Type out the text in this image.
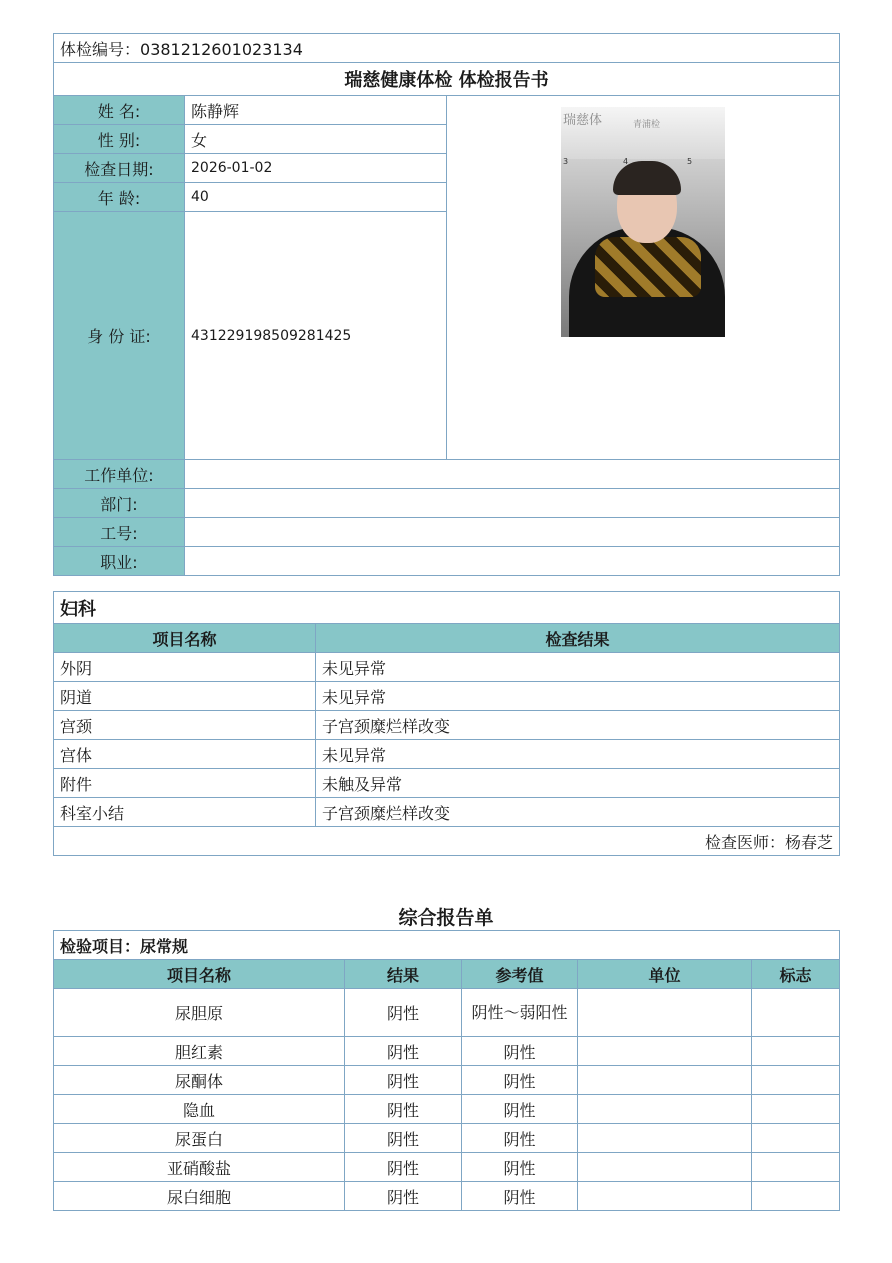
体检编号：0381212601023134		
瑞慈健康体检 体检报告书		
姓 名:	陈静辉	瑞慈体 青浦检
3 4 5

性 别:	女	
检查日期:	2026-01-02	
年 龄:	40	
身 份 证:	431229198509281425	
工作单位:		
部门:		
工号:		
职业:		
妇科	
项目名称	检查结果
外阴	未见异常
阴道	未见异常
宫颈	子宫颈糜烂样改变
宫体	未见异常
附件	未触及异常
科室小结	子宫颈糜烂样改变
检查医师：杨春芝	
综合报告单
检验项目：尿常规				
项目名称	结果	参考值	单位	标志
尿胆原	阴性	阴性～弱阳性		
胆红素	阴性	阴性		
尿酮体	阴性	阴性		
隐血	阴性	阴性		
尿蛋白	阴性	阴性		
亚硝酸盐	阴性	阴性		
尿白细胞	阴性	阴性		
